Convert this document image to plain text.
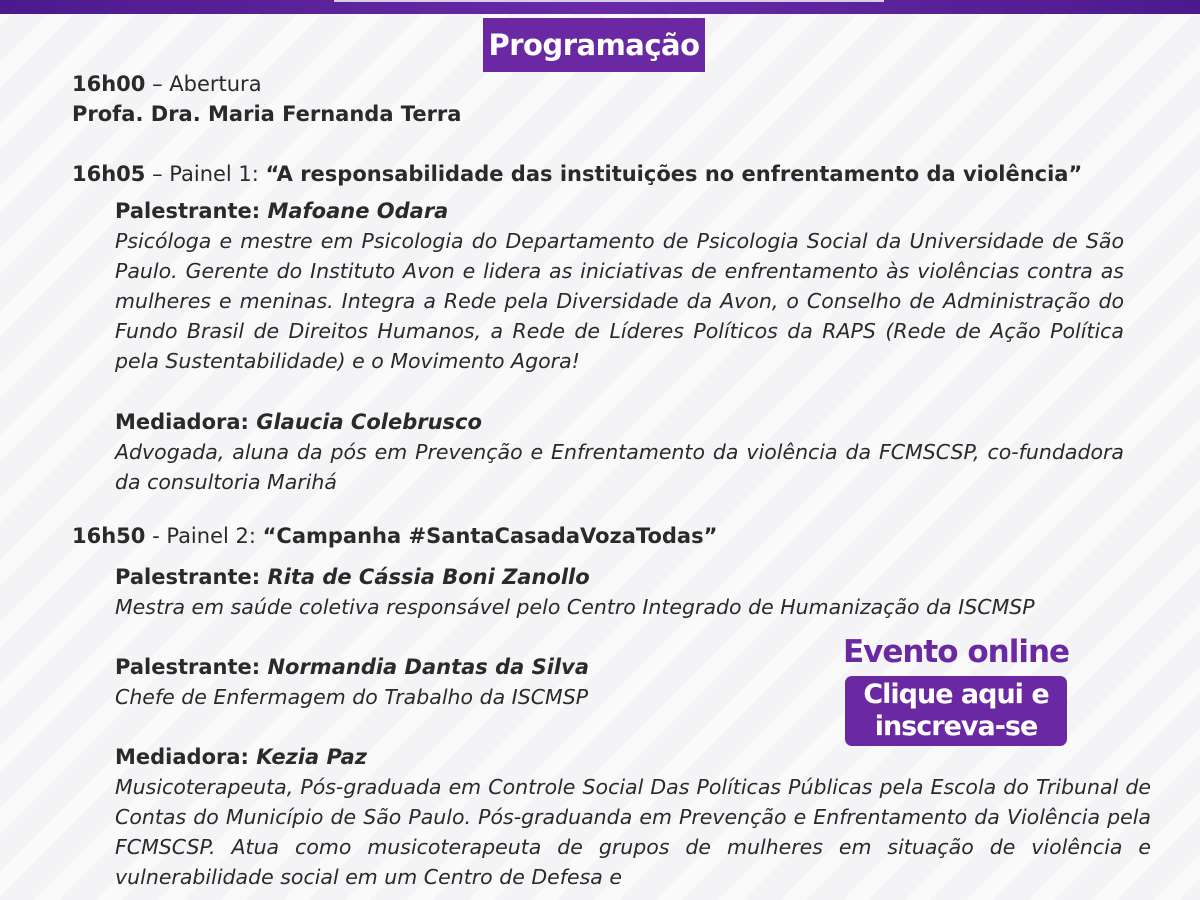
Programação
16h00 – Abertura
Profa. Dra. Maria Fernanda Terra
16h05 – Painel 1: “A responsabilidade das instituições no enfrentamento da violência”
Palestrante: Mafoane Odara

Psicóloga e mestre em Psicologia do Departamento de Psicologia Social da Universidade de São Paulo. Gerente do Instituto Avon e lidera as iniciativas de enfrentamento às violências contra as mulheres e meninas. Integra a Rede pela Diversidade da Avon, o Conselho de Administração do Fundo Brasil de Direitos Humanos, a Rede de Líderes Políticos da RAPS (Rede de Ação Política pela Sustentabilidade) e o Movimento Agora!

Mediadora: Glaucia Colebrusco

Advogada, aluna da pós em Prevenção e Enfrentamento da violência da FCMSCSP, co-fundadora da consultoria Marihá

16h50 - Painel 2: “Campanha #SantaCasadaVozaTodas”
Palestrante: Rita de Cássia Boni Zanollo
Mestra em saúde coletiva responsável pelo Centro Integrado de Humanização da ISCMSP
Palestrante: Normandia Dantas da Silva
Chefe de Enfermagem do Trabalho da ISCMSP
Mediadora: Kezia Paz

Musicoterapeuta, Pós-graduada em Controle Social Das Políticas Públicas pela Escola do Tribunal de Contas do Município de São Paulo. Pós-graduanda em Prevenção e Enfrentamento da Violência pela FCMSCSP. Atua como musicoterapeuta de grupos de mulheres em situação de violência e vulnerabilidade social em um Centro de Defesa e

Evento online
Clique aqui e
inscreva-se
